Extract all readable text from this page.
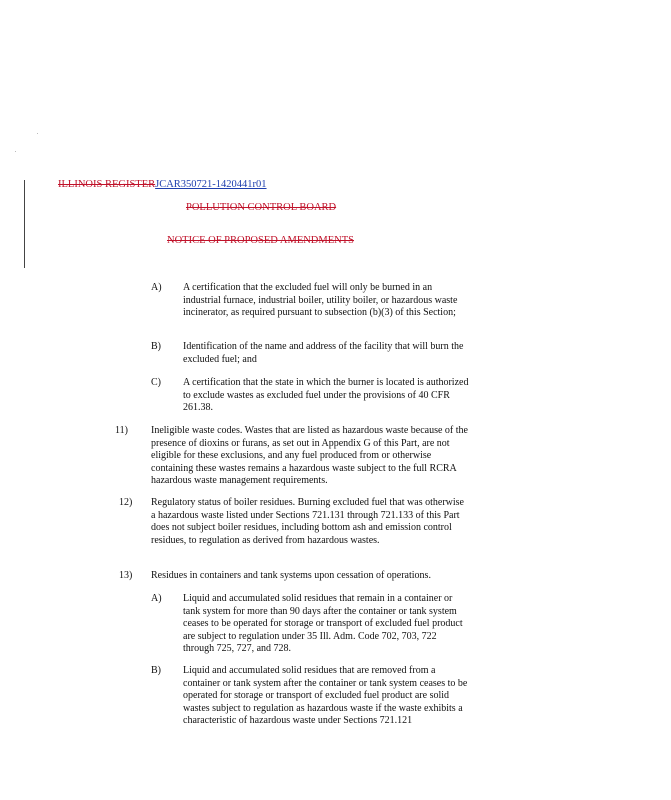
ILLINOIS REGISTERJCAR350721-1420441r01
POLLUTION CONTROL BOARD
NOTICE OF PROPOSED AMENDMENTS
A) A certification that the excluded fuel will only be burned in an industrial furnace, industrial boiler, utility boiler, or hazardous waste incinerator, as required pursuant to subsection (b)(3) of this Section;

B) Identification of the name and address of the facility that will burn the excluded fuel; and

C) A certification that the state in which the burner is located is authorized to exclude wastes as excluded fuel under the provisions of 40 CFR 261.38.

11) Ineligible waste codes. Wastes that are listed as hazardous waste because of the presence of dioxins or furans, as set out in Appendix G of this Part, are not eligible for these exclusions, and any fuel produced from or otherwise containing these wastes remains a hazardous waste subject to the full RCRA hazardous waste management requirements.

12) Regulatory status of boiler residues. Burning excluded fuel that was otherwise a hazardous waste listed under Sections 721.131 through 721.133 of this Part does not subject boiler residues, including bottom ash and emission control residues, to regulation as derived from hazardous wastes.

13) Residues in containers and tank systems upon cessation of operations.

A) Liquid and accumulated solid residues that remain in a container or tank system for more than 90 days after the container or tank system ceases to be operated for storage or transport of excluded fuel product are subject to regulation under 35 Ill. Adm. Code 702, 703, 722 through 725, 727, and 728.

B) Liquid and accumulated solid residues that are removed from a container or tank system after the container or tank system ceases to be operated for storage or transport of excluded fuel product are solid wastes subject to regulation as hazardous waste if the waste exhibits a characteristic of hazardous waste under Sections 721.121
